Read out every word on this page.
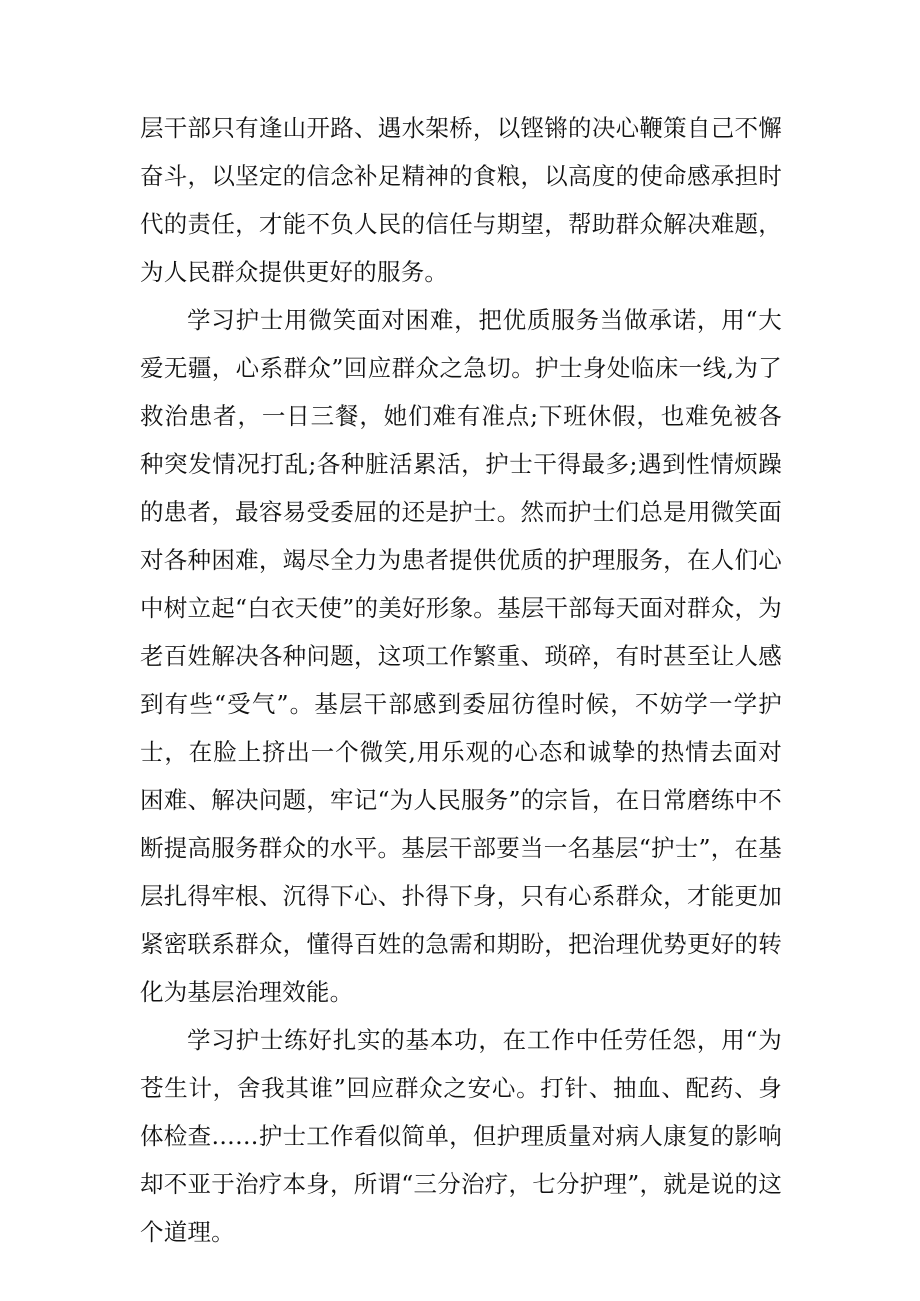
层干部只有逢山开路、遇水架桥，以铿锵的决心鞭策自己不懈奋斗，以坚定的信念补足精神的食粮，以高度的使命感承担时代的责任，才能不负人民的信任与期望，帮助群众解决难题，为人民群众提供更好的服务。

学习护士用微笑面对困难，把优质服务当做承诺，用“大爱无疆，心系群众”回应群众之急切。护士身处临床一线,为了救治患者，一日三餐，她们难有准点;下班休假，也难免被各种突发情况打乱;各种脏活累活，护士干得最多;遇到性情烦躁的患者，最容易受委屈的还是护士。然而护士们总是用微笑面对各种困难，竭尽全力为患者提供优质的护理服务，在人们心中树立起“白衣天使”的美好形象。基层干部每天面对群众，为老百姓解决各种问题，这项工作繁重、琐碎，有时甚至让人感到有些“受气”。基层干部感到委屈彷徨时候，不妨学一学护士，在脸上挤出一个微笑,用乐观的心态和诚挚的热情去面对困难、解决问题，牢记“为人民服务”的宗旨，在日常磨练中不断提高服务群众的水平。基层干部要当一名基层“护士”，在基层扎得牢根、沉得下心、扑得下身，只有心系群众，才能更加紧密联系群众，懂得百姓的急需和期盼，把治理优势更好的转化为基层治理效能。

学习护士练好扎实的基本功，在工作中任劳任怨，用“为苍生计，舍我其谁”回应群众之安心。打针、抽血、配药、身体检查……护士工作看似简单，但护理质量对病人康复的影响却不亚于治疗本身，所谓“三分治疗，七分护理”，就是说的这个道理。
